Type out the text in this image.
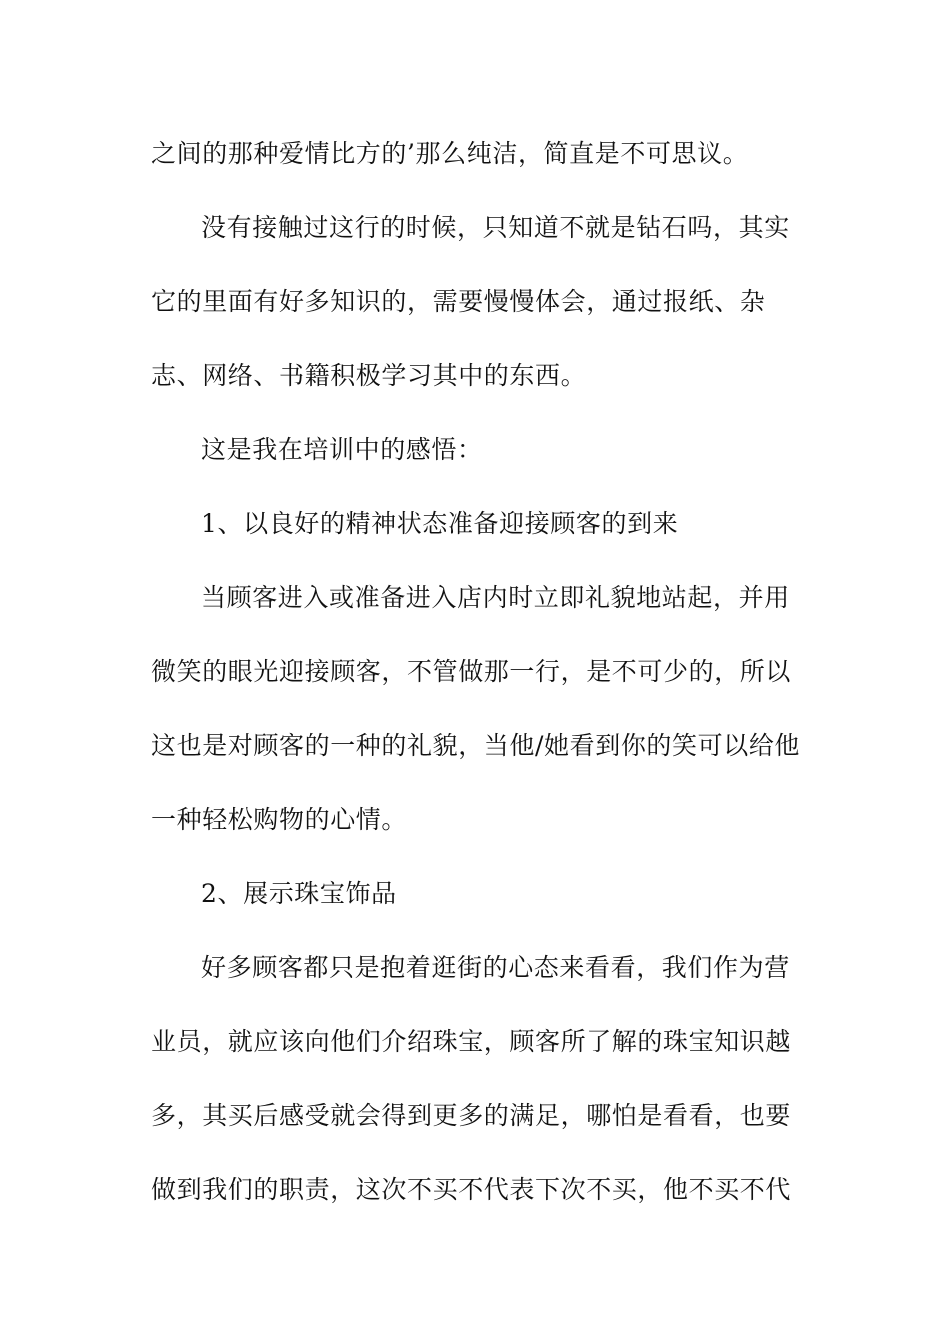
之间的那种爱情比方的’那么纯洁，简直是不可思议。
没有接触过这行的时候，只知道不就是钻石吗，其实
它的里面有好多知识的，需要慢慢体会，通过报纸、杂
志、网络、书籍积极学习其中的东西。
这是我在培训中的感悟：
1、以良好的精神状态准备迎接顾客的到来
当顾客进入或准备进入店内时立即礼貌地站起，并用
微笑的眼光迎接顾客，不管做那一行，是不可少的，所以
这也是对顾客的一种的礼貌，当他/她看到你的笑可以给他
一种轻松购物的心情。
2、展示珠宝饰品
好多顾客都只是抱着逛街的心态来看看，我们作为营
业员，就应该向他们介绍珠宝，顾客所了解的珠宝知识越
多，其买后感受就会得到更多的满足，哪怕是看看，也要
做到我们的职责，这次不买不代表下次不买，他不买不代
